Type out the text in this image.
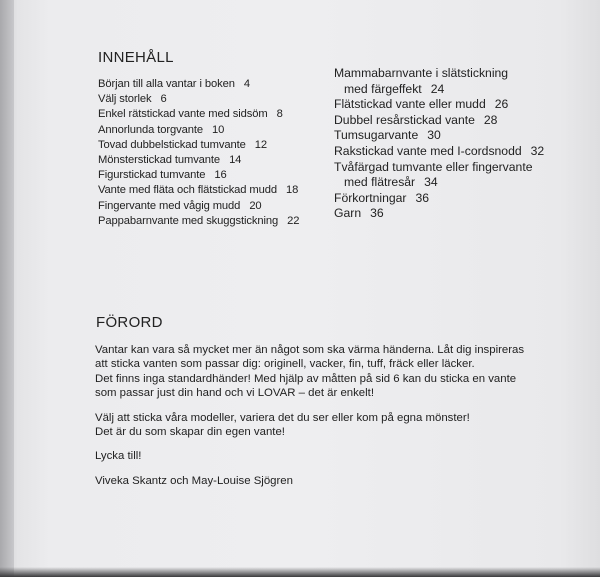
INNEHÅLL
Början till alla vantar i boken 4
Välj storlek 6
Enkel rätstickad vante med sidsöm 8
Annorlunda torgvante 10
Tovad dubbelstickad tumvante 12
Mönsterstickad tumvante 14
Figurstickad tumvante 16
Vante med fläta och flätstickad mudd 18
Fingervante med vågig mudd 20
Pappabarnvante med skuggstickning 22
Mammabarnvante i slätstickning
med färgeffekt 24
Flätstickad vante eller mudd 26
Dubbel resårstickad vante 28
Tumsugarvante 30
Rakstickad vante med I-cordsnodd 32
Tvåfärgad tumvante eller fingervante
med flätresår 34
Förkortningar 36
Garn 36
FÖRORD

Vantar kan vara så mycket mer än något som ska värma händerna. Låt dig inspireras
att sticka vanten som passar dig: originell, vacker, fin, tuff, fräck eller läcker.

Det finns inga standardhänder! Med hjälp av måtten på sid 6 kan du sticka en vante
som passar just din hand och vi LOVAR – det är enkelt!

Välj att sticka våra modeller, variera det du ser eller kom på egna mönster!
Det är du som skapar din egen vante!

Lycka till!

Viveka Skantz och May-Louise Sjögren
